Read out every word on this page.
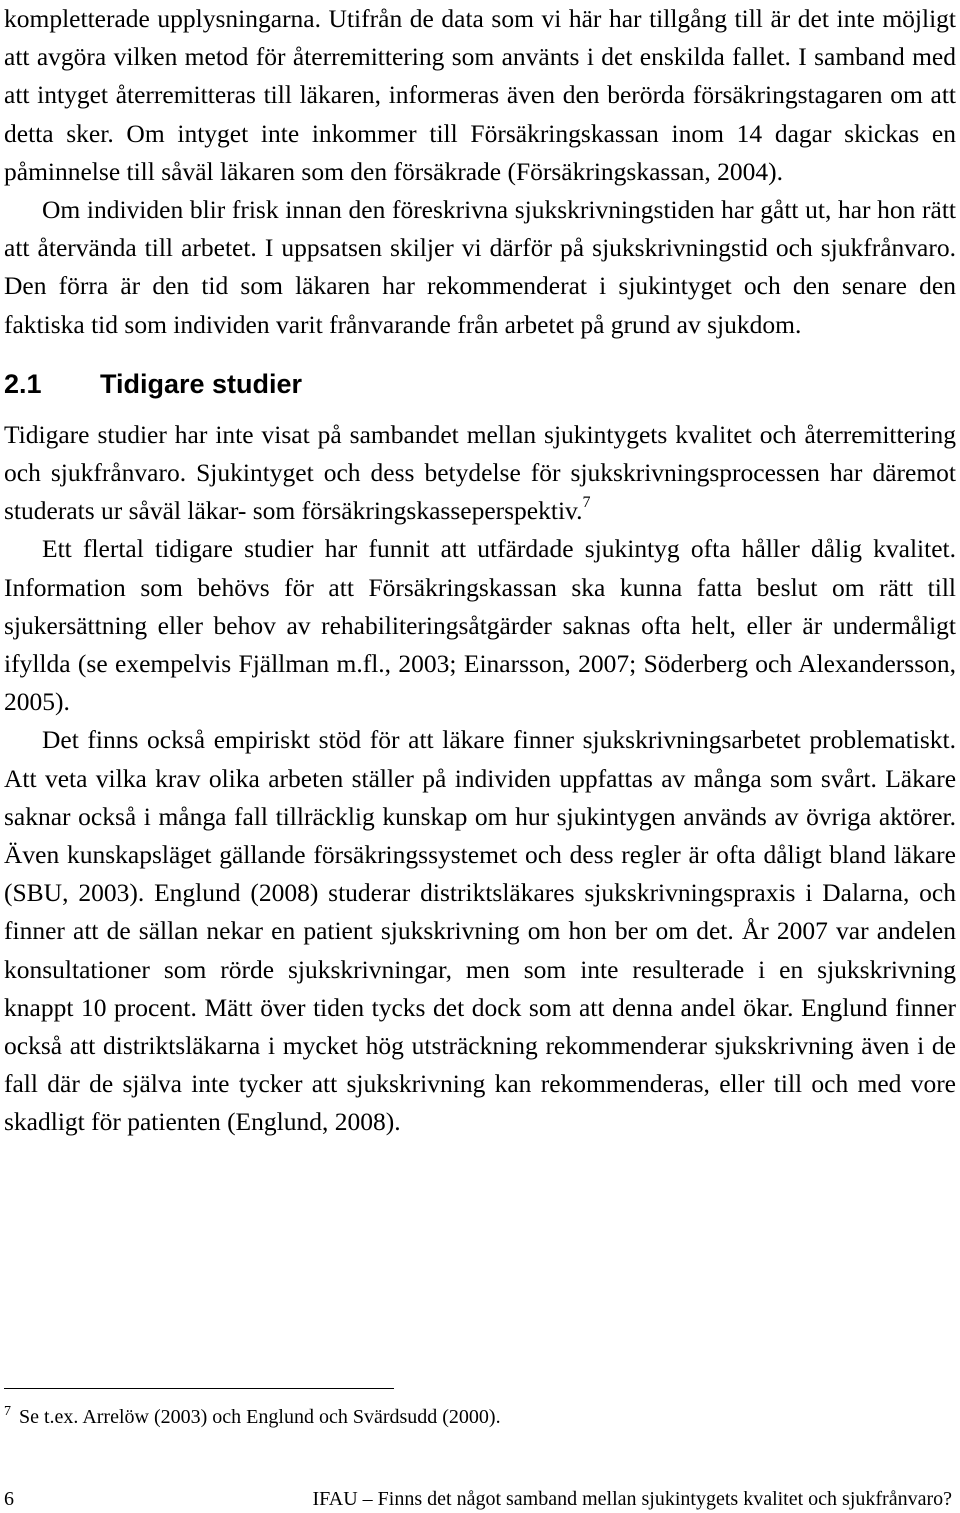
kompletterade upplysningarna. Utifrån de data som vi här har tillgång till är det inte möjligt att avgöra vilken metod för återremittering som använts i det enskilda fallet. I samband med att intyget återremitteras till läkaren, informeras även den berörda försäkringstagaren om att detta sker. Om intyget inte inkommer till Försäkringskassan inom 14 dagar skickas en påminnelse till såväl läkaren som den försäkrade (Försäkringskassan, 2004).

Om individen blir frisk innan den föreskrivna sjukskrivningstiden har gått ut, har hon rätt att återvända till arbetet. I uppsatsen skiljer vi därför på sjukskrivningstid och sjukfrånvaro. Den förra är den tid som läkaren har rekommenderat i sjukintyget och den senare den faktiska tid som individen varit frånvarande från arbetet på grund av sjukdom.

2.1	Tidigare studier

Tidigare studier har inte visat på sambandet mellan sjukintygets kvalitet och återremittering och sjukfrånvaro. Sjukintyget och dess betydelse för sjukskrivningsprocessen har däremot studerats ur såväl läkar- som försäkringskasseperspektiv.$^7$

Ett flertal tidigare studier har funnit att utfärdade sjukintyg ofta håller dålig kvalitet. Information som behövs för att Försäkringskassan ska kunna fatta beslut om rätt till sjukersättning eller behov av rehabiliteringsåtgärder saknas ofta helt, eller är undermåligt ifyllda (se exempelvis Fjällman m.fl., 2003; Einarsson, 2007; Söderberg och Alexandersson, 2005).

Det finns också empiriskt stöd för att läkare finner sjukskrivningsarbetet problematiskt. Att veta vilka krav olika arbeten ställer på individen uppfattas av många som svårt. Läkare saknar också i många fall tillräcklig kunskap om hur sjukintygen används av övriga aktörer. Även kunskapsläget gällande försäkringssystemet och dess regler är ofta dåligt bland läkare (SBU, 2003). Englund (2008) studerar distriktsläkares sjukskrivningspraxis i Dalarna, och finner att de sällan nekar en patient sjukskrivning om hon ber om det. År 2007 var andelen konsultationer som rörde sjukskrivningar, men som inte resulterade i en sjukskrivning knappt 10 procent. Mätt över tiden tycks det dock som att denna andel ökar. Englund finner också att distriktsläkarna i mycket hög utsträckning rekommenderar sjukskrivning även i de fall där de själva inte tycker att sjukskrivning kan rekommenderas, eller till och med vore skadligt för patienten (Englund, 2008).

$^7$ Se t.ex. Arrelöw (2003) och Englund och Svärdsudd (2000).
6	IFAU – Finns det något samband mellan sjukintygets kvalitet och sjukfrånvaro?
